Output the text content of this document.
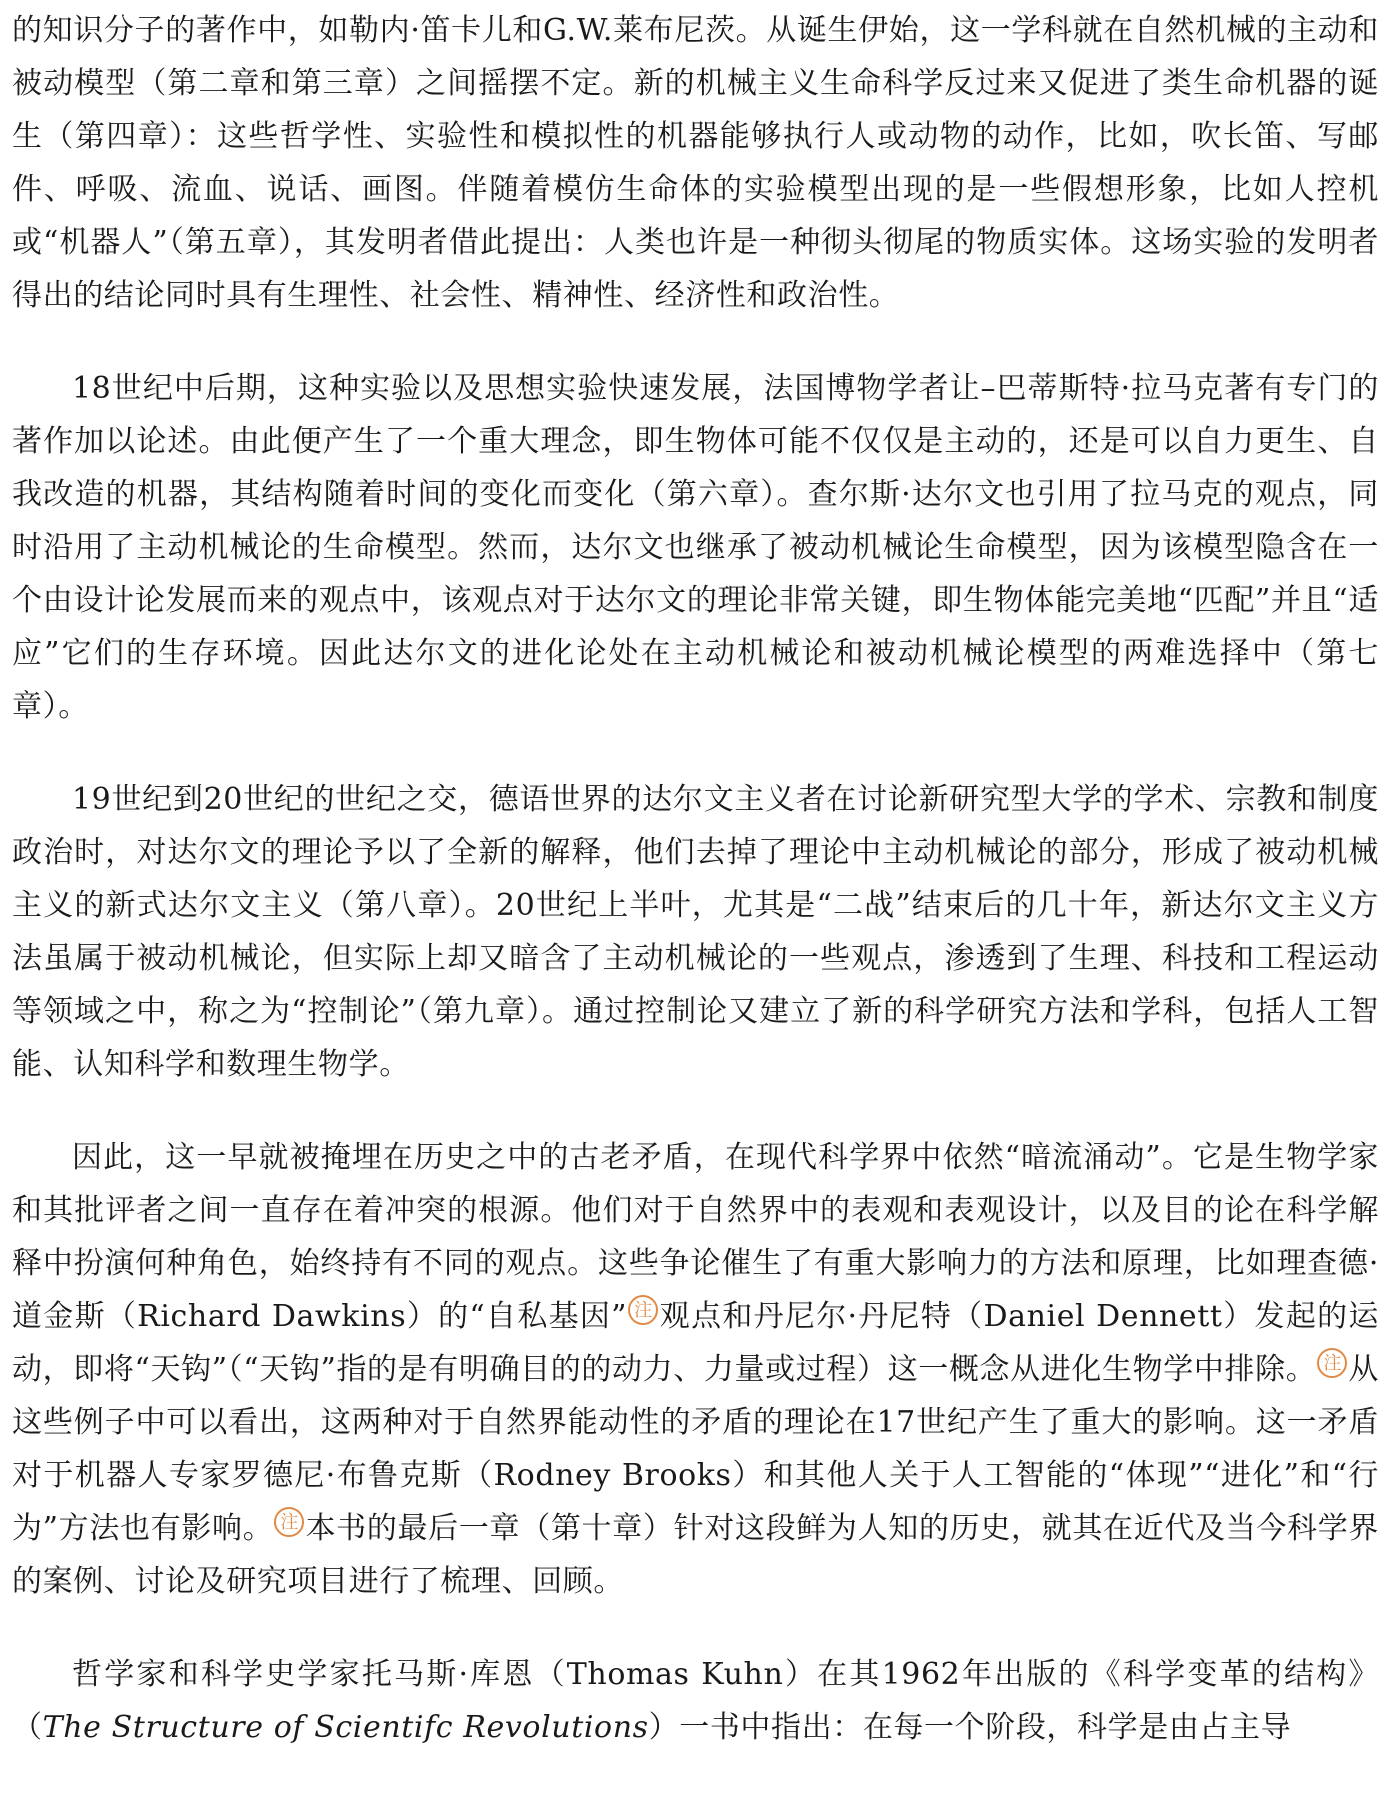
的知识分子的著作中，如勒内·笛卡儿和G.W.莱布尼茨。从诞生伊始，这一学科就在自然机械的主动和被动模型（第二章和第三章）之间摇摆不定。新的机械主义生命科学反过来又促进了类生命机器的诞生（第四章）：这些哲学性、实验性和模拟性的机器能够执行人或动物的动作，比如，吹长笛、写邮件、呼吸、流血、说话、画图。伴随着模仿生命体的实验模型出现的是一些假想形象，比如人控机或“机器人”（第五章），其发明者借此提出：人类也许是一种彻头彻尾的物质实体。这场实验的发明者得出的结论同时具有生理性、社会性、精神性、经济性和政治性。

18世纪中后期，这种实验以及思想实验快速发展，法国博物学者让–巴蒂斯特·拉马克著有专门的著作加以论述。由此便产生了一个重大理念，即生物体可能不仅仅是主动的，还是可以自力更生、自我改造的机器，其结构随着时间的变化而变化（第六章）。查尔斯·达尔文也引用了拉马克的观点，同时沿用了主动机械论的生命模型。然而，达尔文也继承了被动机械论生命模型，因为该模型隐含在一个由设计论发展而来的观点中，该观点对于达尔文的理论非常关键，即生物体能完美地“匹配”并且“适应”它们的生存环境。因此达尔文的进化论处在主动机械论和被动机械论模型的两难选择中（第七章）。

19世纪到20世纪的世纪之交，德语世界的达尔文主义者在讨论新研究型大学的学术、宗教和制度政治时，对达尔文的理论予以了全新的解释，他们去掉了理论中主动机械论的部分，形成了被动机械主义的新式达尔文主义（第八章）。20世纪上半叶，尤其是“二战”结束后的几十年，新达尔文主义方法虽属于被动机械论，但实际上却又暗含了主动机械论的一些观点，渗透到了生理、科技和工程运动等领域之中，称之为“控制论”（第九章）。通过控制论又建立了新的科学研究方法和学科，包括人工智能、认知科学和数理生物学。

因此，这一早就被掩埋在历史之中的古老矛盾，在现代科学界中依然“暗流涌动”。它是生物学家和其批评者之间一直存在着冲突的根源。他们对于自然界中的表观和表观设计，以及目的论在科学解释中扮演何种角色，始终持有不同的观点。这些争论催生了有重大影响力的方法和原理，比如理查德·道金斯（Richard Dawkins）的“自私基因” 注 观点和丹尼尔·丹尼特（Daniel Dennett）发起的运动，即将“天钩”（“天钩”指的是有明确目的的动力、力量或过程）这一概念从进化生物学中排除。 注 从这些例子中可以看出，这两种对于自然界能动性的矛盾的理论在17世纪产生了重大的影响。这一矛盾对于机器人专家罗德尼·布鲁克斯（Rodney Brooks）和其他人关于人工智能的“体现”“进化”和“行为”方法也有影响。 注 本书的最后一章（第十章）针对这段鲜为人知的历史，就其在近代及当今科学界的案例、讨论及研究项目进行了梳理、回顾。

哲学家和科学史学家托马斯·库恩（Thomas Kuhn）在其1962年出版的《科学变革的结构》（The Structure of Scientifc Revolutions）一书中指出：在每一个阶段，科学是由占主导
